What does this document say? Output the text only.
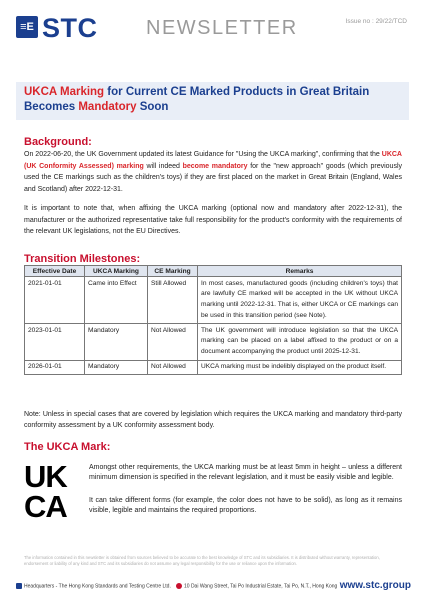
≡E STC NEWSLETTER	Issue no : 29/22/TCD
UKCA Marking for Current CE Marked Products in Great Britain
Becomes Mandatory Soon
Background:
On 2022-06-20, the UK Government updated its latest Guidance for "Using the UKCA marking", confirming that the UKCA (UK Conformity Assessed) marking will indeed become mandatory for the "new approach" goods (which previously used the CE markings such as the children's toys) if they are first placed on the market in Great Britain (England, Wales and Scotland) after 2022-12-31.
It is important to note that, when affixing the UKCA marking (optional now and mandatory after 2022-12-31), the manufacturer or the authorized representative take full responsibility for the product's conformity with the requirements of the relevant UK legislations, not the EU Directives.
Transition Milestones:
Effective Date	UKCA Marking	CE Marking	Remarks
2021-01-01	Came into Effect	Still Allowed	In most cases, manufactured goods (including children's toys) that are lawfully CE marked will be accepted in the UK without UKCA marking until 2022-12-31. That is, either UKCA or CE markings can be used in this transition period (see Note).
2023-01-01	Mandatory	Not Allowed	The UK government will introduce legislation so that the UKCA marking can be placed on a label affixed to the product or on a document accompanying the product until 2025-12-31.
2026-01-01	Mandatory	Not Allowed	UKCA marking must be indelibly displayed on the product itself.
Note: Unless in special cases that are covered by legislation which requires the UKCA marking and mandatory third-party conformity assessment by a UK conformity assessment body.
The UKCA Mark:
UK
CA
Amongst other requirements, the UKCA marking must be at least 5mm in height – unless a different minimum dimension is specified in the relevant legislation, and it must be easily visible and legible.
It can take different forms (for example, the color does not have to be solid), as long as it remains visible, legible and maintains the required proportions.
The information contained in this newsletter is obtained from sources believed to be accurate to the best knowledge of STC and its subsidiaries. It is distributed without warranty, representation, endorsement or liability of any kind and STC and its subsidiaries do not assume any legal responsibility for the use or reliance upon the information.
Headquarters - The Hong Kong Standards and Testing Centre Ltd.	10 Dai Wang Street, Tai Po Industrial Estate, Tai Po, N.T., Hong Kong www.stc.group
